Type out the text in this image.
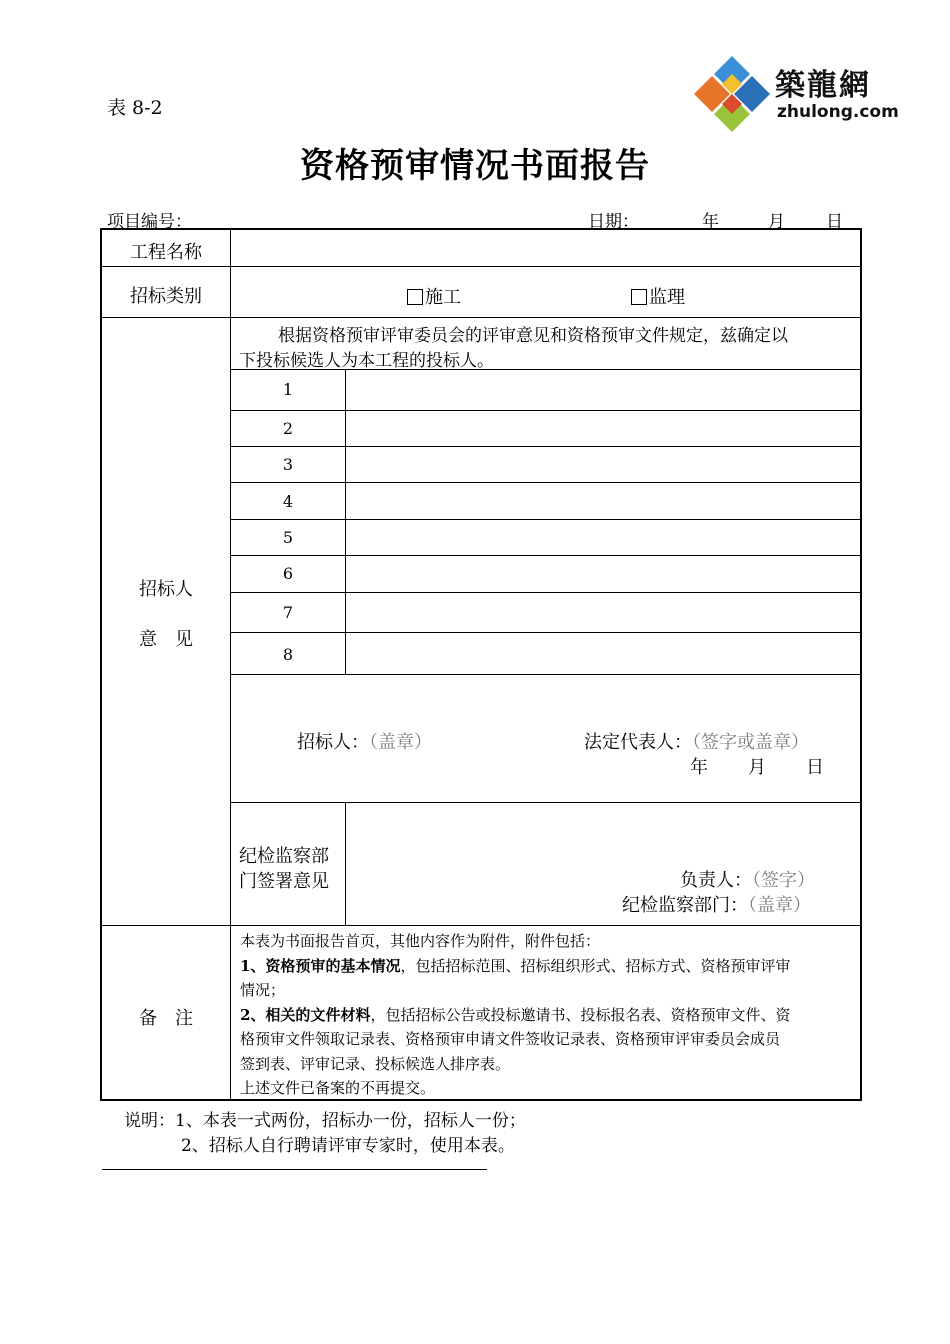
表 8-2
築龍網
zhulong.com
资格预审情况书面报告
项目编号：	日期：	年	月 日
工程名称
招标类别	施工	监理
招标人
意　见
根据资格预审评审委员会的评审意见和资格预审文件规定，兹确定以
下投标候选人为本工程的投标人。
1
2
3
4
5
6
7
8
招标人：（盖章）	法定代表人：（签字或盖章）
年 月 日
纪检监察部
门签署意见	负责人：（签字）
纪检监察部门：（盖章）
备　注
本表为书面报告首页，其他内容作为附件，附件包括：
1、资格预审的基本情况，包括招标范围、招标组织形式、招标方式、资格预审评审
情况；
2、相关的文件材料，包括招标公告或投标邀请书、投标报名表、资格预审文件、资
格预审文件领取记录表、资格预审申请文件签收记录表、资格预审评审委员会成员
签到表、评审记录、投标候选人排序表。
上述文件已备案的不再提交。
说明：1、本表一式两份，招标办一份，招标人一份；
2、招标人自行聘请评审专家时，使用本表。
